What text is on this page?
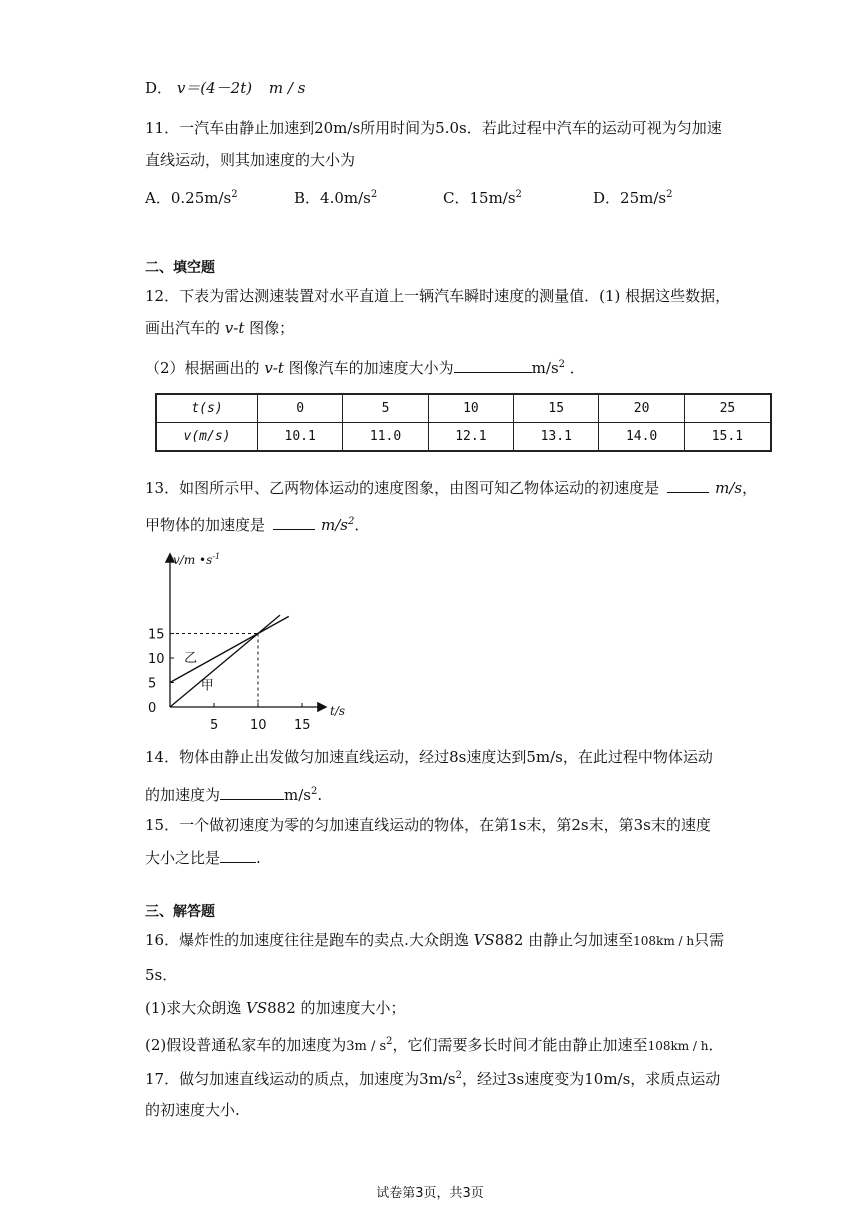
D． v＝(4－2t) m / s
11．一汽车由静止加速到20m/s所用时间为5.0s．若此过程中汽车的运动可视为匀加速
直线运动，则其加速度的大小为
A．$0.25m/s^2$	B．$4.0m/s^2$	C．$15m/s^2$	D．$25m/s^2$
二、填空题
12．下表为雷达测速装置对水平直道上一辆汽车瞬时速度的测量值．(1) 根据这些数据，
画出汽车的 v-t 图像；
（2）根据画出的 v-t 图像汽车的加速度大小为	$m/s^2$ ．
t(s)	0	5	10	15	20	25
v(m/s)	10.1	11.0	12.1	13.1	14.0	15.1
13．如图所示甲、乙两物体运动的速度图象，由图可知乙物体运动的初速度是	m/s，
甲物体的加速度是	$m/s^2$．
乙
甲
0
5
10
15
5 10 15
v/m $•s^{-1}$
t/s
14．物体由静止出发做匀加速直线运动，经过8s速度达到5m/s，在此过程中物体运动
的加速度为	$m/s^2$.
15．一个做初速度为零的匀加速直线运动的物体，在第1s末，第2s末，第3s末的速度
大小之比是 .
三、解答题
16．爆炸性的加速度往往是跑车的卖点.大众朗逸 VS882 由静止匀加速至108km / h只需
5s．
(1)求大众朗逸 VS882 的加速度大小；
(2)假设普通私家车的加速度为$3m / s^2$，它们需要多长时间才能由静止加速至108km / h．
17．做匀加速直线运动的质点，加速度为$3m/s^2$，经过3s速度变为10m/s，求质点运动
的初速度大小.
试卷第3页，共3页
